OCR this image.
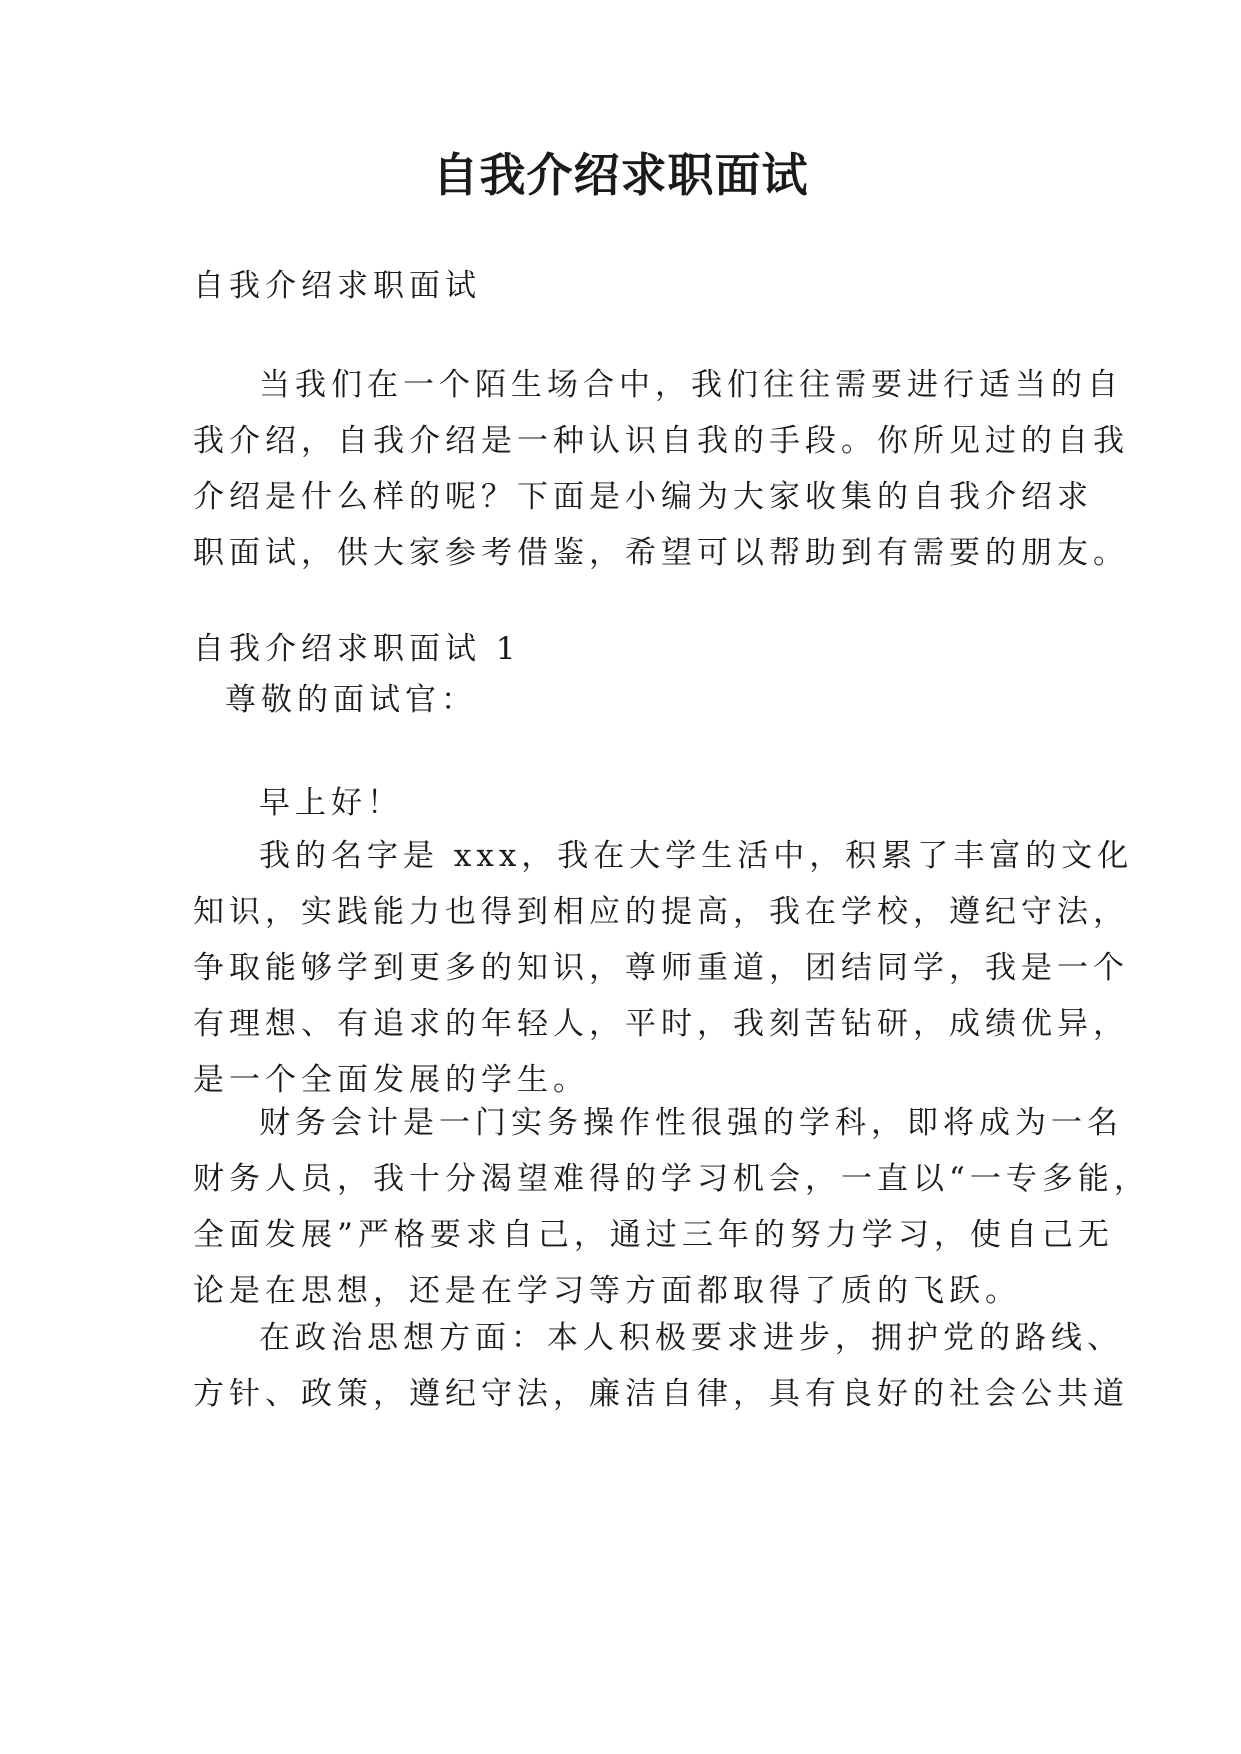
自我介绍求职面试
自我介绍求职面试
当我们在一个陌生场合中，我们往往需要进行适当的自
我介绍，自我介绍是一种认识自我的手段。你所见过的自我
介绍是什么样的呢？下面是小编为大家收集的自我介绍求
职面试，供大家参考借鉴，希望可以帮助到有需要的朋友。
自我介绍求职面试 1
尊敬的面试官：
早上好！
我的名字是 xxx，我在大学生活中，积累了丰富的文化
知识，实践能力也得到相应的提高，我在学校，遵纪守法，
争取能够学到更多的知识，尊师重道，团结同学，我是一个
有理想、有追求的年轻人，平时，我刻苦钻研，成绩优异，
是一个全面发展的学生。
财务会计是一门实务操作性很强的学科，即将成为一名
财务人员，我十分渴望难得的学习机会，一直以“一专多能，
全面发展”严格要求自己，通过三年的努力学习，使自己无
论是在思想，还是在学习等方面都取得了质的飞跃。
在政治思想方面：本人积极要求进步，拥护党的路线、
方针、政策，遵纪守法，廉洁自律，具有良好的社会公共道
